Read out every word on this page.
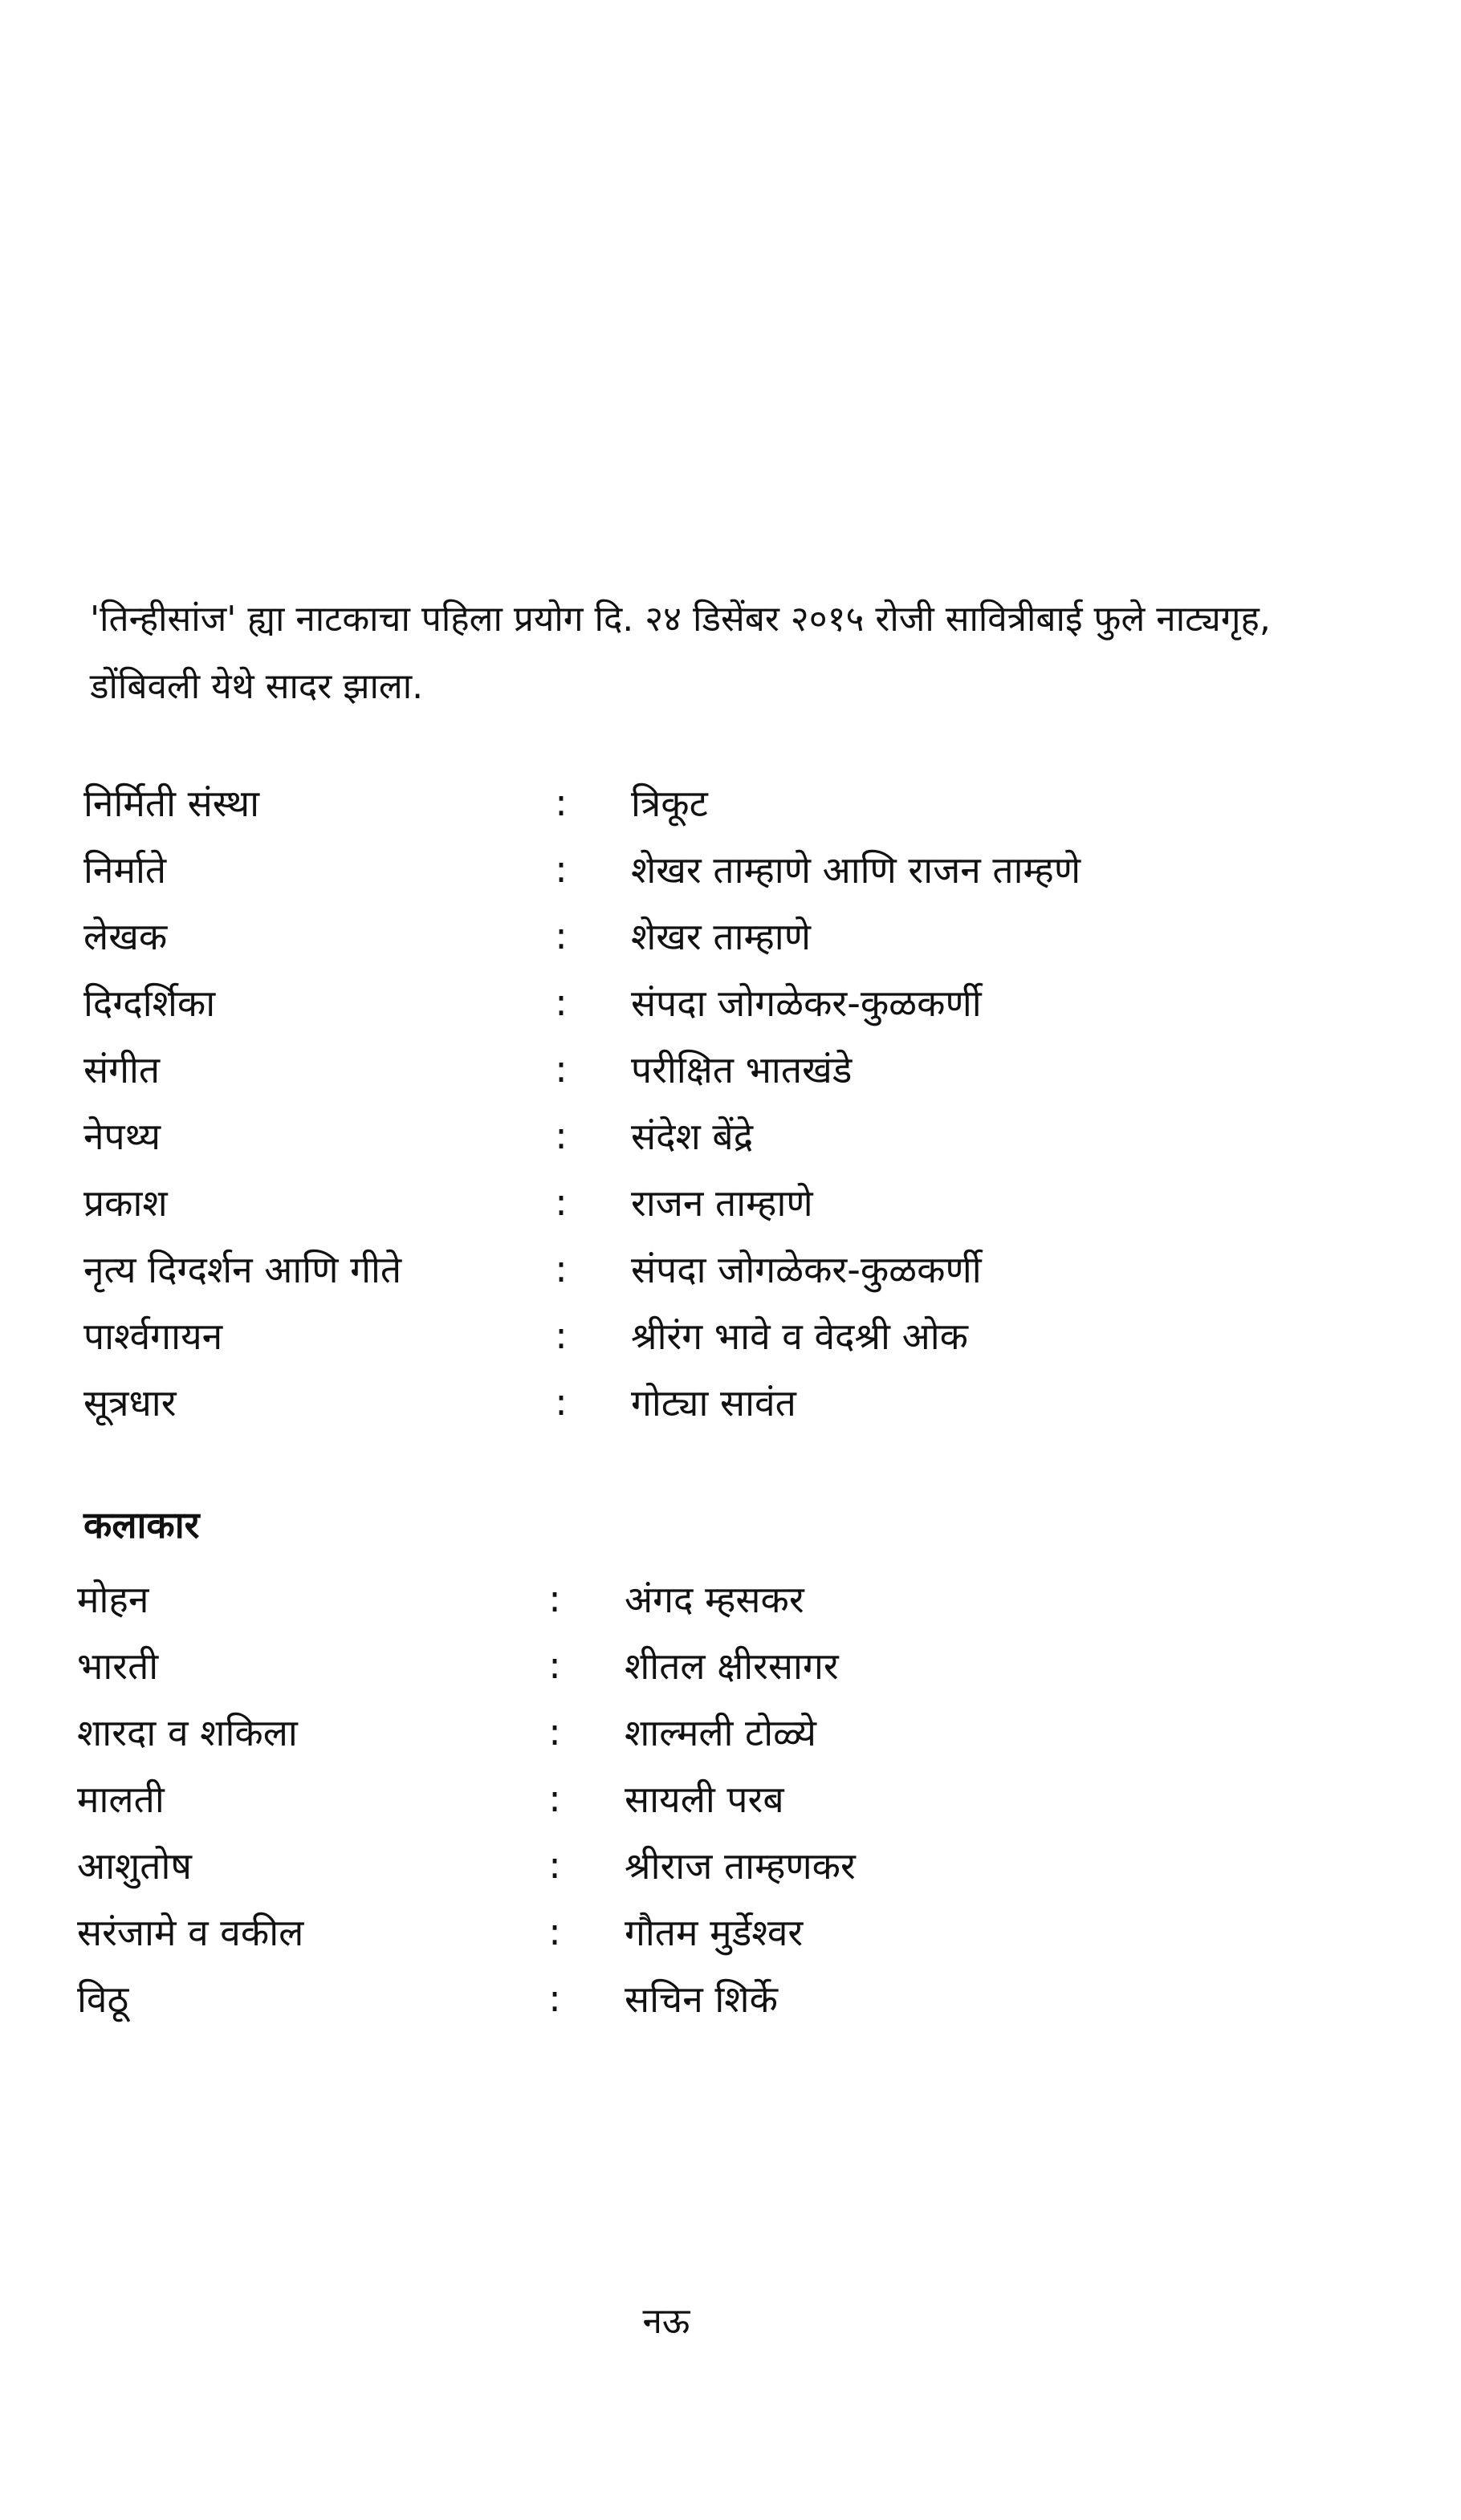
'तिन्हीसांज' ह्या नाटकाचा पहिला प्रयोग दि. २४ डिसेंबर २०१५ रोजी सावित्रीबाई फुले नाट्यगृह, डोंबिवली येथे सादर झाला.

निर्मिती संस्था	:	त्रिकूट
निर्माते	:	शेखर ताम्हाणे आणि राजन ताम्हणे
लेखक	:	शेखर ताम्हाणे
दिग्दर्शिका	:	संपदा जोगळेकर-कुळकर्णी
संगीत	:	परीक्षित भातखंडे
नेपथ्य	:	संदेश बेंद्रे
प्रकाश	:	राजन ताम्हाणे
नृत्य दिग्दर्शन आणि गीते	:	संपदा जोगळेकर-कुळकर्णी
पार्श्वगायन	:	श्रीरंग भावे व वेदश्री ओक
सूत्रधार	:	गोट्या सावंत
कलाकार
मोहन	:	अंगद म्हसकर
भारती	:	शीतल क्षीरसागर
शारदा व शकिला	:	शाल्मली टोळ्ये
मालती	:	सायली परब
आशुतोष	:	श्रीराज ताम्हणकर
सरंजामे व वकील	:	गौतम मुर्डेश्वर
विठू	:	सचिन शिर्के

नऊ
